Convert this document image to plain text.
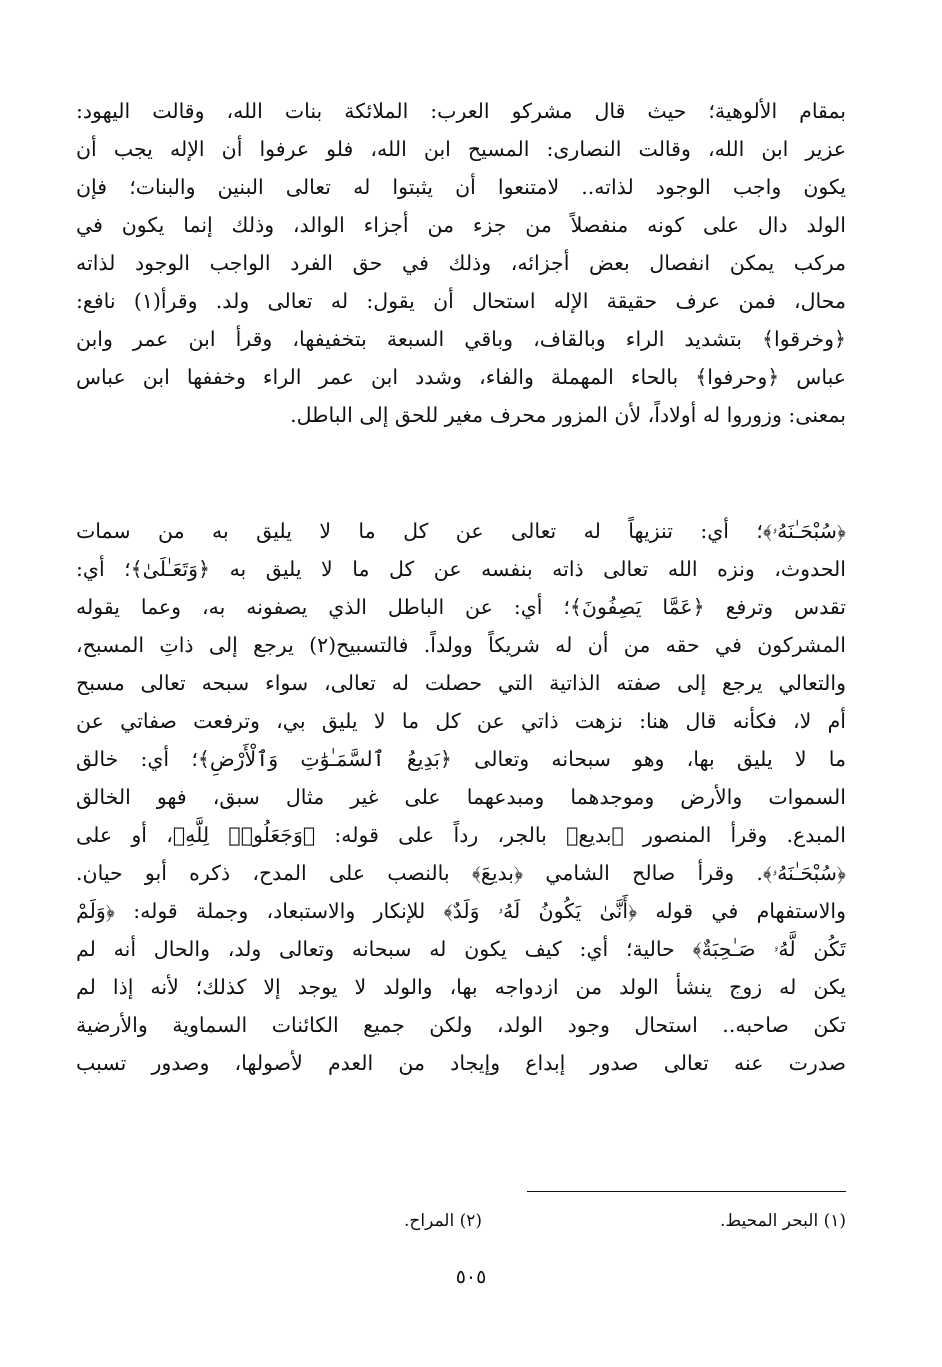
بمقام الألوهية؛ حيث قال مشركو العرب: الملائكة بنات الله، وقالت اليهود:
عزير ابن الله، وقالت النصارى: المسيح ابن الله، فلو عرفوا أن الإله يجب أن
يكون واجب الوجود لذاته.. لامتنعوا أن يثبتوا له تعالى البنين والبنات؛ فإن
الولد دال على كونه منفصلاً من جزء من أجزاء الوالد، وذلك إنما يكون في
مركب يمكن انفصال بعض أجزائه، وذلك في حق الفرد الواجب الوجود لذاته
محال، فمن عرف حقيقة الإله استحال أن يقول: له تعالى ولد. وقرأ(١) نافع:
﴿وخرقوا﴾ بتشديد الراء وبالقاف، وباقي السبعة بتخفيفها، وقرأ ابن عمر وابن
عباس ﴿وحرفوا﴾ بالحاء المهملة والفاء، وشدد ابن عمر الراء وخففها ابن عباس
بمعنى: وزوروا له أولاداً، لأن المزور محرف مغير للحق إلى الباطل.
﴿سُبْحَـٰنَهُۥ﴾؛ أي: تنزيهاً له تعالى عن كل ما لا يليق به من سمات
الحدوث، ونزه الله تعالى ذاته بنفسه عن كل ما لا يليق به ﴿وَتَعَـٰلَىٰ﴾؛ أي:
تقدس وترفع ﴿عَمَّا يَصِفُونَ﴾؛ أي: عن الباطل الذي يصفونه به، وعما يقوله
المشركون في حقه من أن له شريكاً وولداً. فالتسبيح(٢) يرجع إلى ذاتِ المسبح،
والتعالي يرجع إلى صفته الذاتية التي حصلت له تعالى، سواء سبحه تعالى مسبح
أم لا، فكأنه قال هنا: نزهت ذاتي عن كل ما لا يليق بي، وترفعت صفاتي عن
ما لا يليق بها، وهو سبحانه وتعالى ﴿بَدِيعُ ٱلسَّمَـٰوَٰتِ وَٱلْأَرْضِ﴾؛ أي: خالق
السموات والأرض وموجدهما ومبدعهما على غير مثال سبق، فهو الخالق
المبدع. وقرأ المنصور ﴿بديع﴾ بالجر، رداً على قوله: ﴿وَجَعَلُوا۟ لِلَّهِ﴾، أو على
﴿سُبْحَـٰنَهُۥ﴾. وقرأ صالح الشامي ﴿بديعَ﴾ بالنصب على المدح، ذكره أبو حيان.
والاستفهام في قوله ﴿أَنَّىٰ يَكُونُ لَهُۥ وَلَدٌ﴾ للإنكار والاستبعاد، وجملة قوله: ﴿وَلَمْ
تَكُن لَّهُۥ صَـٰحِبَةٌ﴾ حالية؛ أي: كيف يكون له سبحانه وتعالى ولد، والحال أنه لم
يكن له زوج ينشأ الولد من ازدواجه بها، والولد لا يوجد إلا كذلك؛ لأنه إذا لم
تكن صاحبه.. استحال وجود الولد، ولكن جميع الكائنات السماوية والأرضية
صدرت عنه تعالى صدور إبداع وإيجاد من العدم لأصولها، وصدور تسبب
(١) البحر المحيط.
(٢) المراح.
٥٠٥
